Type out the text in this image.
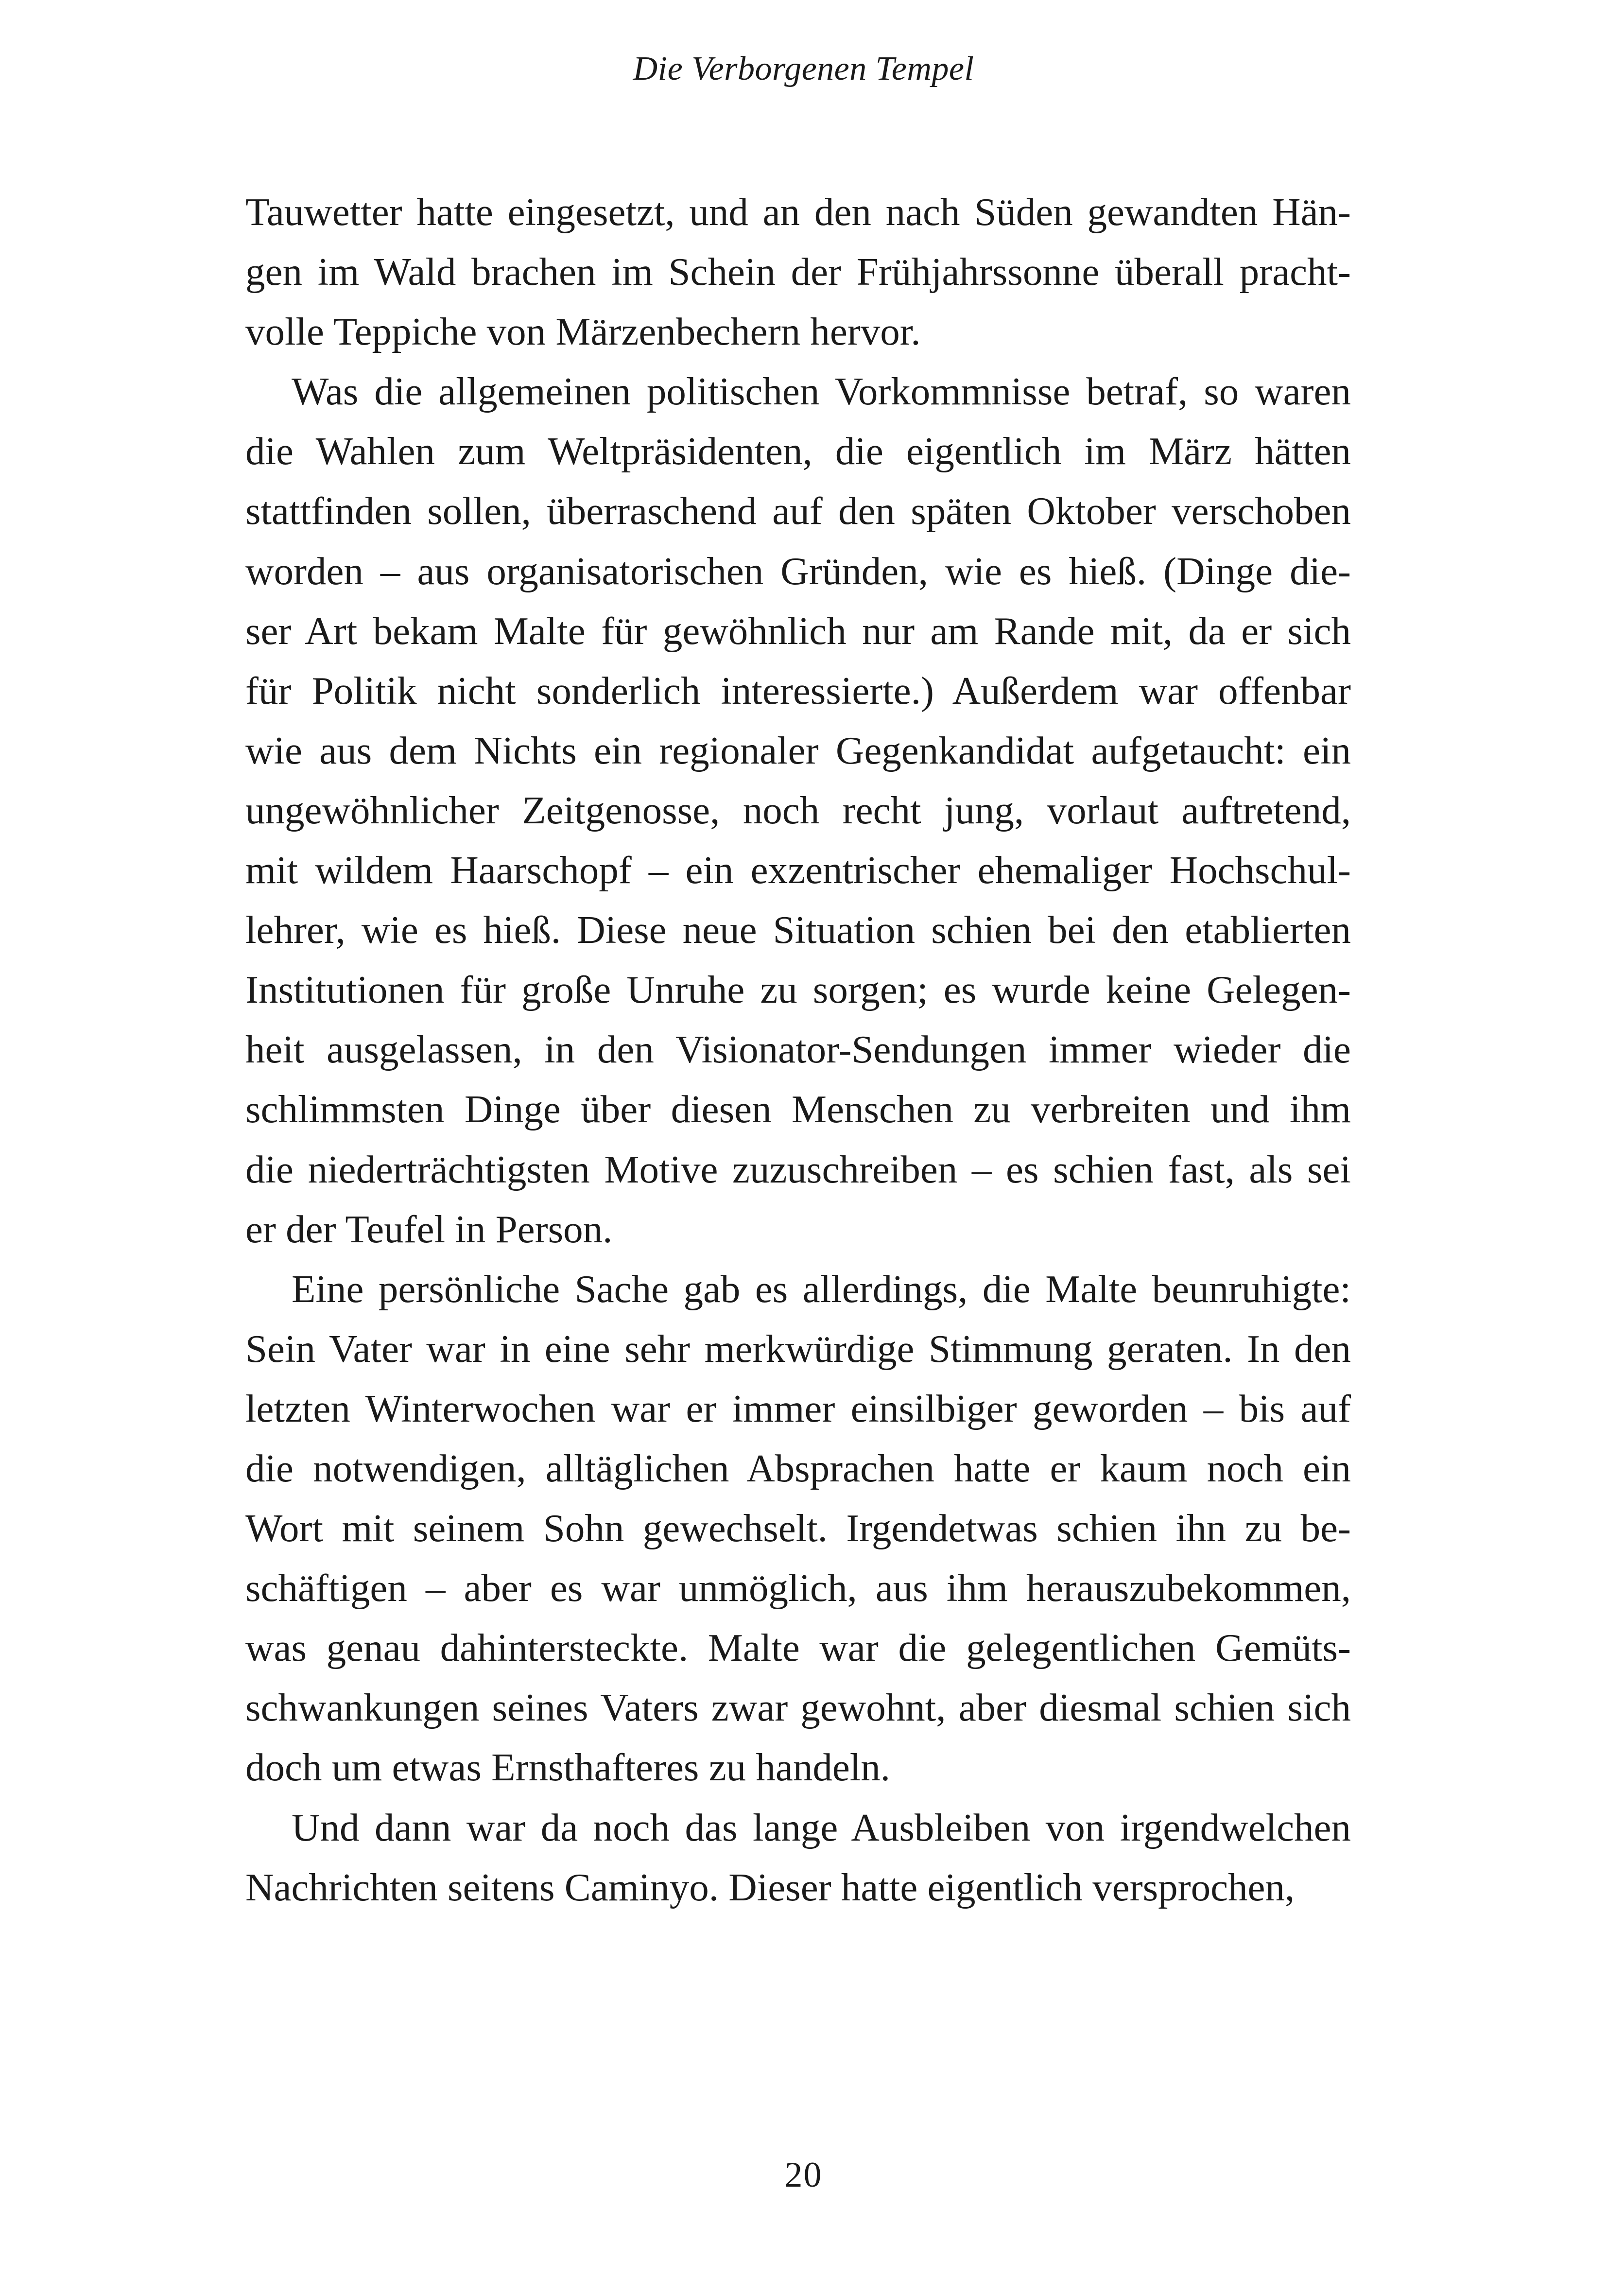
Die Verborgenen Tempel
Tauwetter hatte eingesetzt, und an den nach Süden gewandten Hän-
gen im Wald brachen im Schein der Frühjahrssonne überall pracht-
volle Teppiche von Märzenbechern hervor.
Was die allgemeinen politischen Vorkommnisse betraf, so waren
die Wahlen zum Weltpräsidenten, die eigentlich im März hätten
stattfinden sollen, überraschend auf den späten Oktober verschoben
worden – aus organisatorischen Gründen, wie es hieß. (Dinge die-
ser Art bekam Malte für gewöhnlich nur am Rande mit, da er sich
für Politik nicht sonderlich interessierte.) Außerdem war offenbar
wie aus dem Nichts ein regionaler Gegenkandidat aufgetaucht: ein
ungewöhnlicher Zeitgenosse, noch recht jung, vorlaut auftretend,
mit wildem Haarschopf – ein exzentrischer ehemaliger Hochschul-
lehrer, wie es hieß. Diese neue Situation schien bei den etablierten
Institutionen für große Unruhe zu sorgen; es wurde keine Gelegen-
heit ausgelassen, in den Visionator-Sendungen immer wieder die
schlimmsten Dinge über diesen Menschen zu verbreiten und ihm
die niederträchtigsten Motive zuzuschreiben – es schien fast, als sei
er der Teufel in Person.
Eine persönliche Sache gab es allerdings, die Malte beunruhigte:
Sein Vater war in eine sehr merkwürdige Stimmung geraten. In den
letzten Winterwochen war er immer einsilbiger geworden – bis auf
die notwendigen, alltäglichen Absprachen hatte er kaum noch ein
Wort mit seinem Sohn gewechselt. Irgendetwas schien ihn zu be-
schäftigen – aber es war unmöglich, aus ihm herauszubekommen,
was genau dahintersteckte. Malte war die gelegentlichen Gemüts-
schwankungen seines Vaters zwar gewohnt, aber diesmal schien sich
doch um etwas Ernsthafteres zu handeln.
Und dann war da noch das lange Ausbleiben von irgendwelchen
Nachrichten seitens Caminyo. Dieser hatte eigentlich versprochen,
20
